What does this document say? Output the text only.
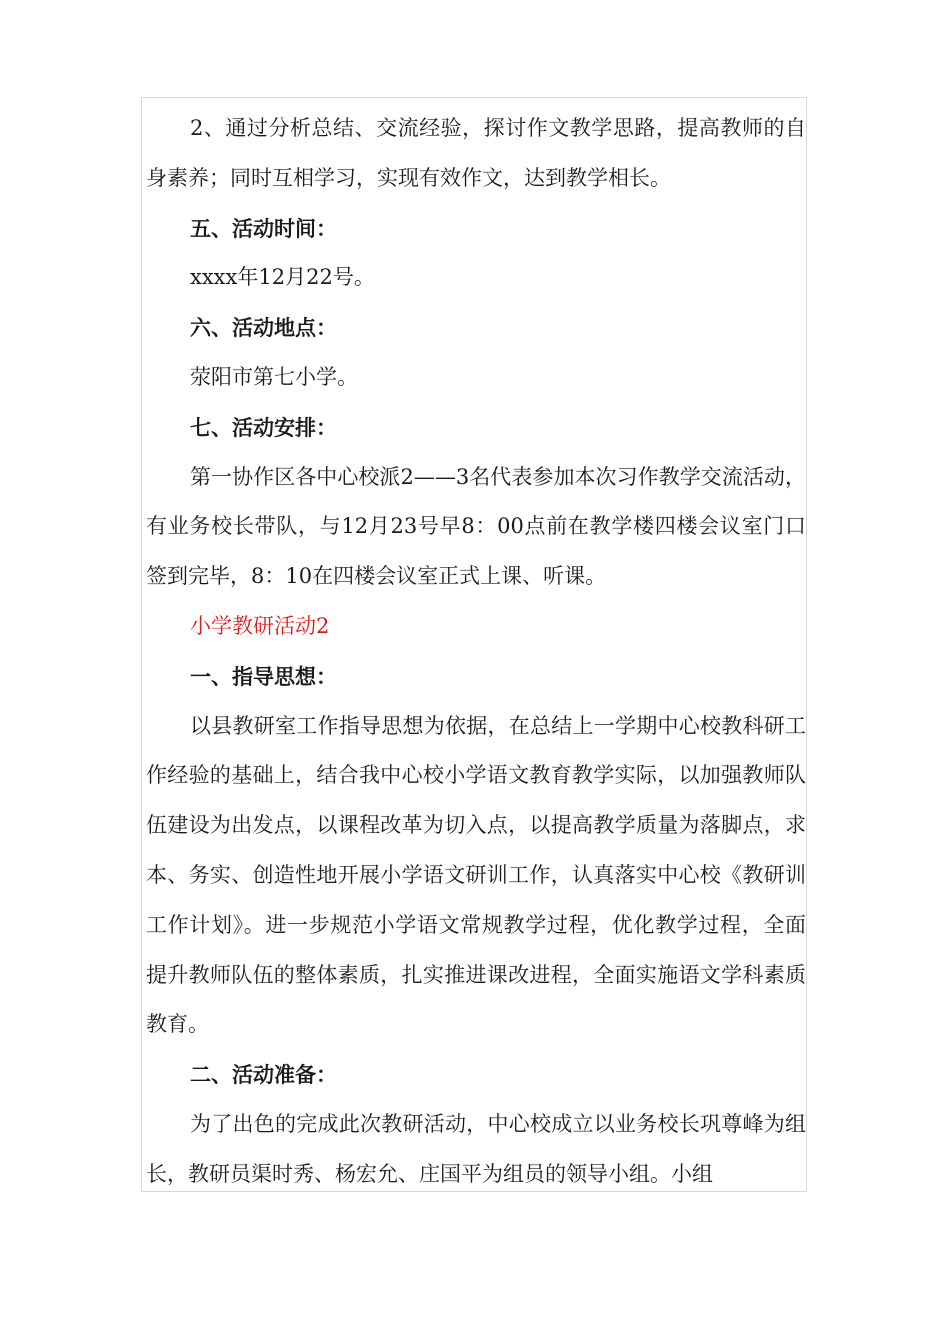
2、通过分析总结、交流经验，探讨作文教学思路，提高教师的自身素养；同时互相学习，实现有效作文，达到教学相长。

五、活动时间：

xxxx年12月22号。

六、活动地点：

荥阳市第七小学。

七、活动安排：

第一协作区各中心校派2——3名代表参加本次习作教学交流活动，有业务校长带队，与12月23号早8：00点前在教学楼四楼会议室门口签到完毕，8：10在四楼会议室正式上课、听课。

小学教研活动2

一、指导思想：

以县教研室工作指导思想为依据，在总结上一学期中心校教科研工作经验的基础上，结合我中心校小学语文教育教学实际，以加强教师队伍建设为出发点，以课程改革为切入点，以提高教学质量为落脚点，求本、务实、创造性地开展小学语文研训工作，认真落实中心校《教研训工作计划》。进一步规范小学语文常规教学过程，优化教学过程，全面提升教师队伍的整体素质，扎实推进课改进程，全面实施语文学科素质教育。

二、活动准备：

为了出色的完成此次教研活动，中心校成立以业务校长巩尊峰为组长，教研员渠时秀、杨宏允、庄国平为组员的领导小组。小组
